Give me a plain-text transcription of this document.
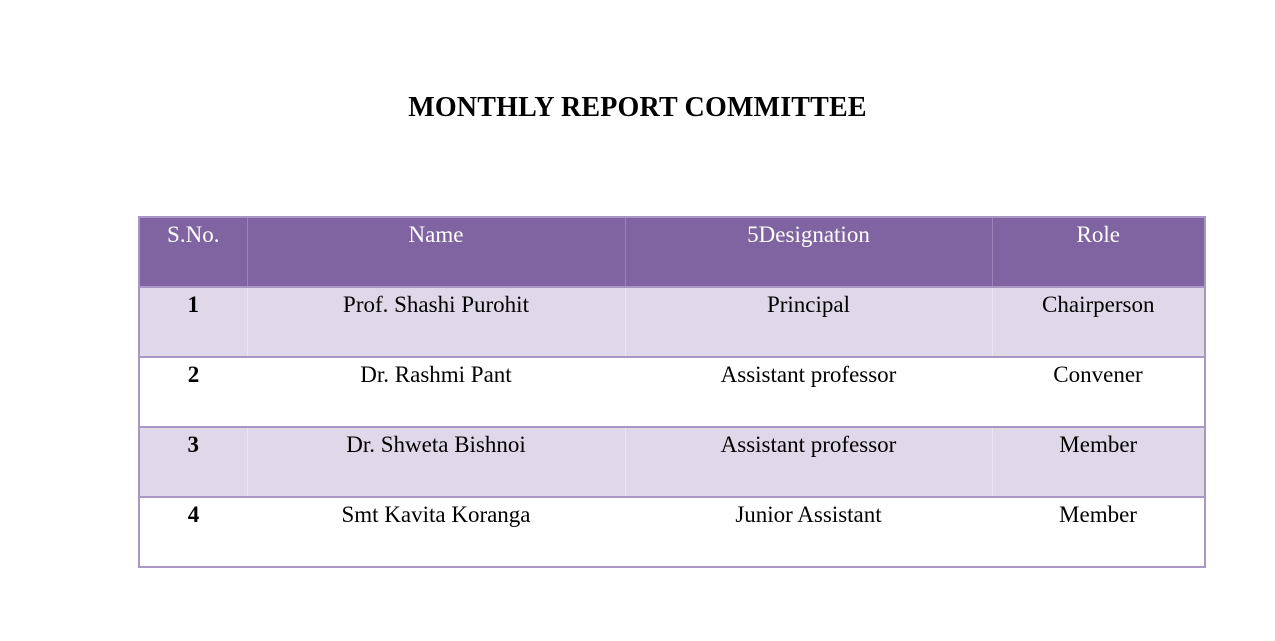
MONTHLY REPORT COMMITTEE
S.No.	Name	5Designation	Role
1	Prof. Shashi Purohit	Principal	Chairperson
2	Dr. Rashmi Pant	Assistant professor	Convener
3	Dr. Shweta Bishnoi	Assistant professor	Member
4	Smt Kavita Koranga	Junior Assistant	Member
